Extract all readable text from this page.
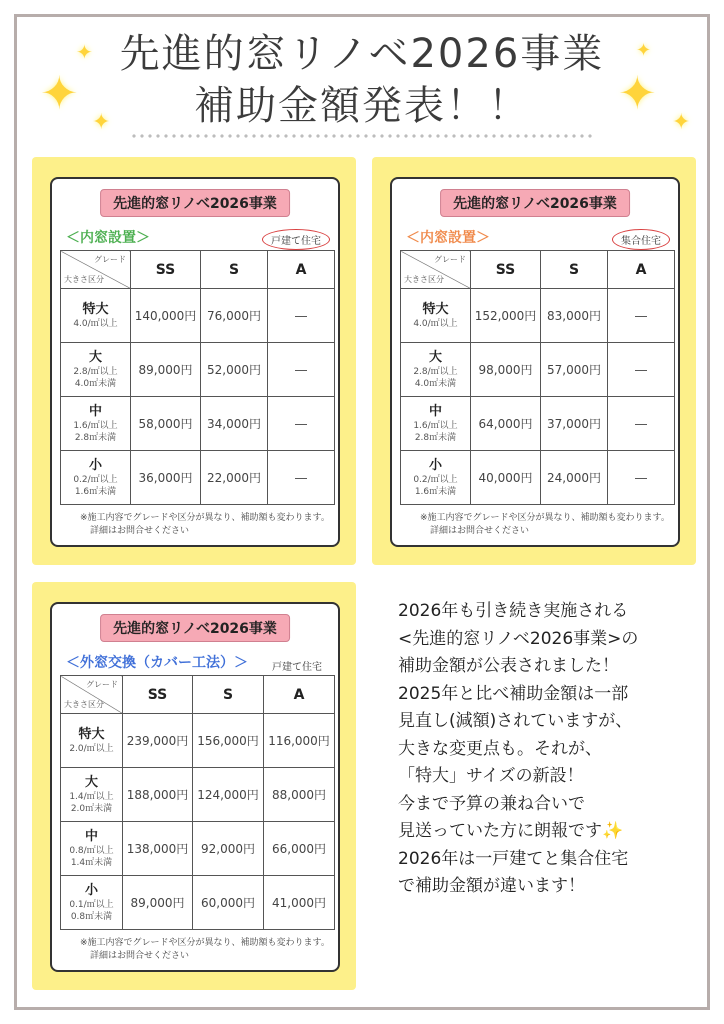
✦
✦
✦
✦
✦
✦
先進的窓リノベ2026事業
補助金額発表！！
先進的窓リノベ2026事業
＜内窓設置＞	戸建て住宅
グレード
大きさ区分	SS	S	A

特大
4.0/㎡以上	140,000円	76,000円	―

大
2.8/㎡以上
4.0㎡未満	89,000円	52,000円	―

中
1.6/㎡以上
2.8㎡未満	58,000円	34,000円	―

小
0.2/㎡以上
1.6㎡未満	36,000円	22,000円	―
※施工内容でグレードや区分が異なり、補助額も変わります。
詳細はお問合せください
先進的窓リノベ2026事業
＜内窓設置＞	集合住宅
グレード
大きさ区分	SS	S	A

特大
4.0/㎡以上	152,000円	83,000円	―

大
2.8/㎡以上
4.0㎡未満	98,000円	57,000円	―

中
1.6/㎡以上
2.8㎡未満	64,000円	37,000円	―

小
0.2/㎡以上
1.6㎡未満	40,000円	24,000円	―
※施工内容でグレードや区分が異なり、補助額も変わります。
詳細はお問合せください
先進的窓リノベ2026事業
＜外窓交換（カバー工法）＞	戸建て住宅
グレード
大きさ区分	SS	S	A

特大
2.0/㎡以上	239,000円	156,000円	116,000円

大
1.4/㎡以上
2.0㎡未満	188,000円	124,000円	88,000円

中
0.8/㎡以上
1.4㎡未満	138,000円	92,000円	66,000円

小
0.1/㎡以上
0.8㎡未満	89,000円	60,000円	41,000円
※施工内容でグレードや区分が異なり、補助額も変わります。
詳細はお問合せください
2026年も引き続き実施される
<先進的窓リノベ2026事業>の
補助金額が公表されました！
2025年と比べ補助金額は一部
見直し(減額)されていますが、
大きな変更点も。それが、
「特大」サイズの新設！
今まで予算の兼ね合いで
見送っていた方に朗報です✨
2026年は一戸建てと集合住宅
で補助金額が違います！
